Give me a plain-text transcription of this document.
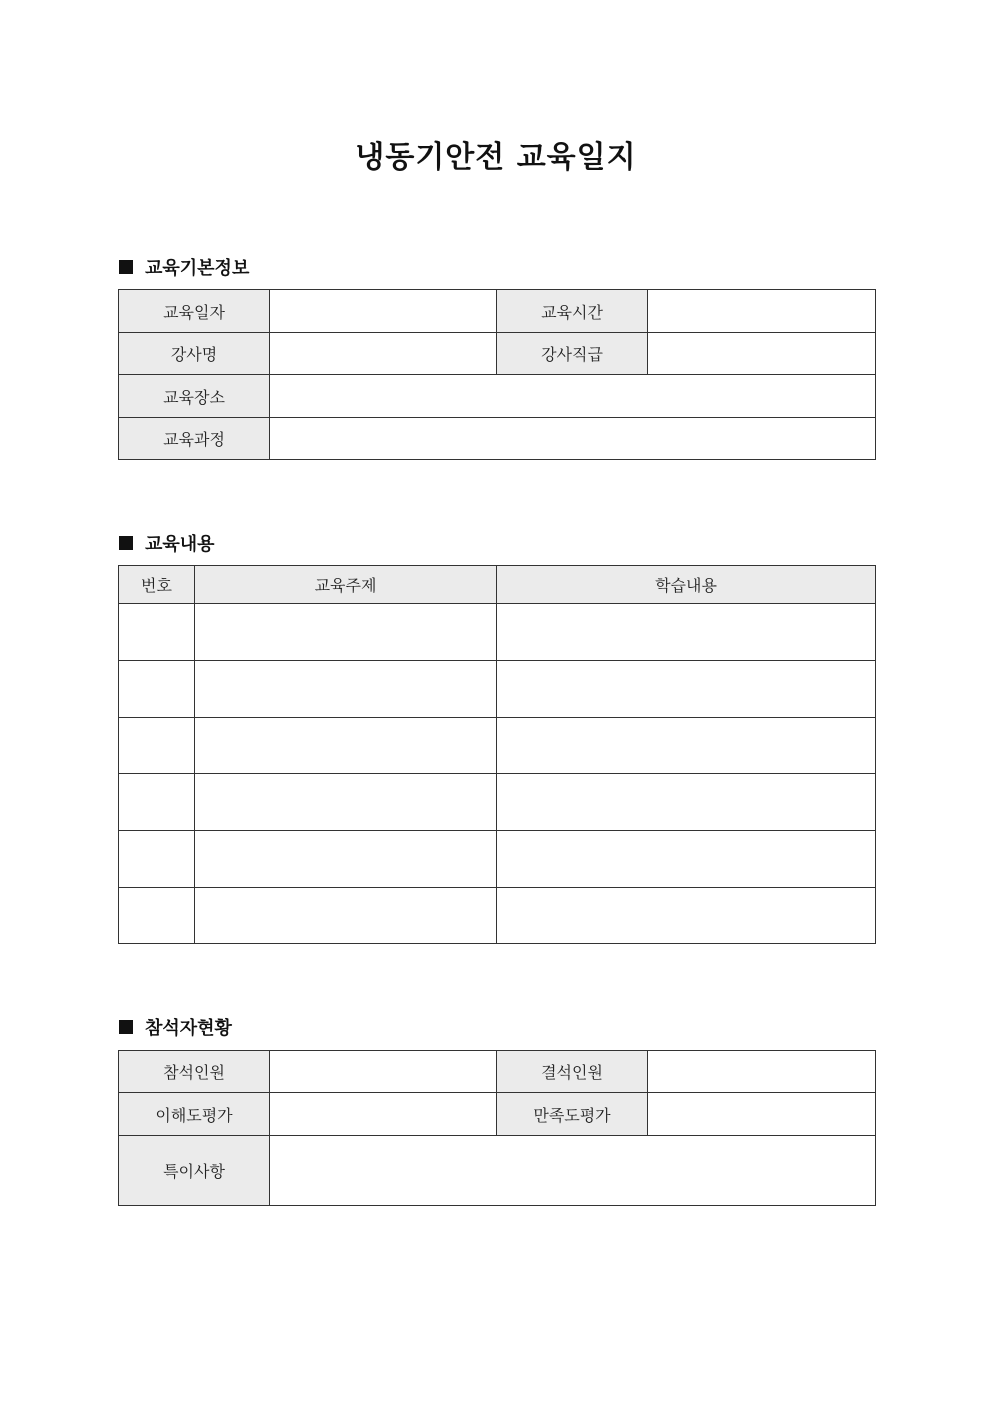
냉동기안전 교육일지
교육기본정보
교육일자		교육시간	
강사명		강사직급	
교육장소			
교육과정			
교육내용
번호	교육주제	학습내용

참석자현황
참석인원		결석인원	
이해도평가		만족도평가	
특이사항			
